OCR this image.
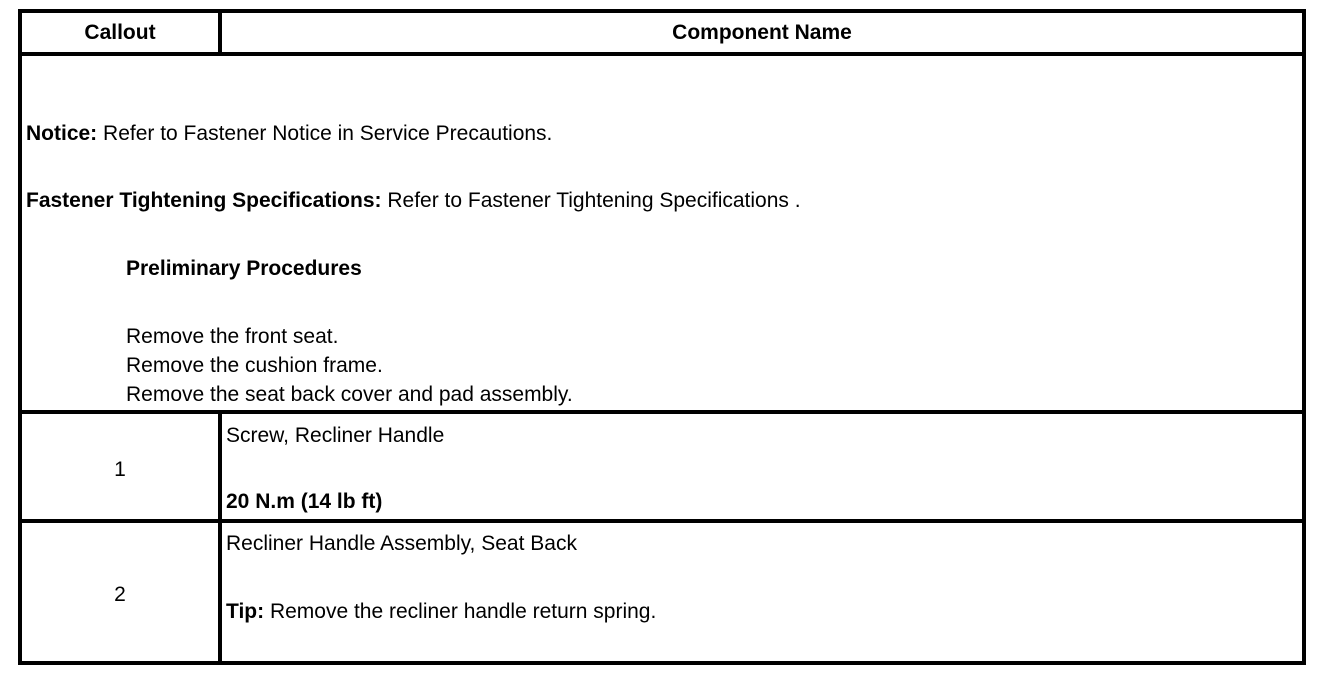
Callout	Component Name
Notice: Refer to Fastener Notice in Service Precautions.
Fastener Tightening Specifications: Refer to Fastener Tightening Specifications .
Preliminary Procedures
Remove the front seat.
Remove the cushion frame.
Remove the seat back cover and pad assembly.
1
Screw, Recliner Handle
20 N.m (14 lb ft)
2
Recliner Handle Assembly, Seat Back
Tip: Remove the recliner handle return spring.
